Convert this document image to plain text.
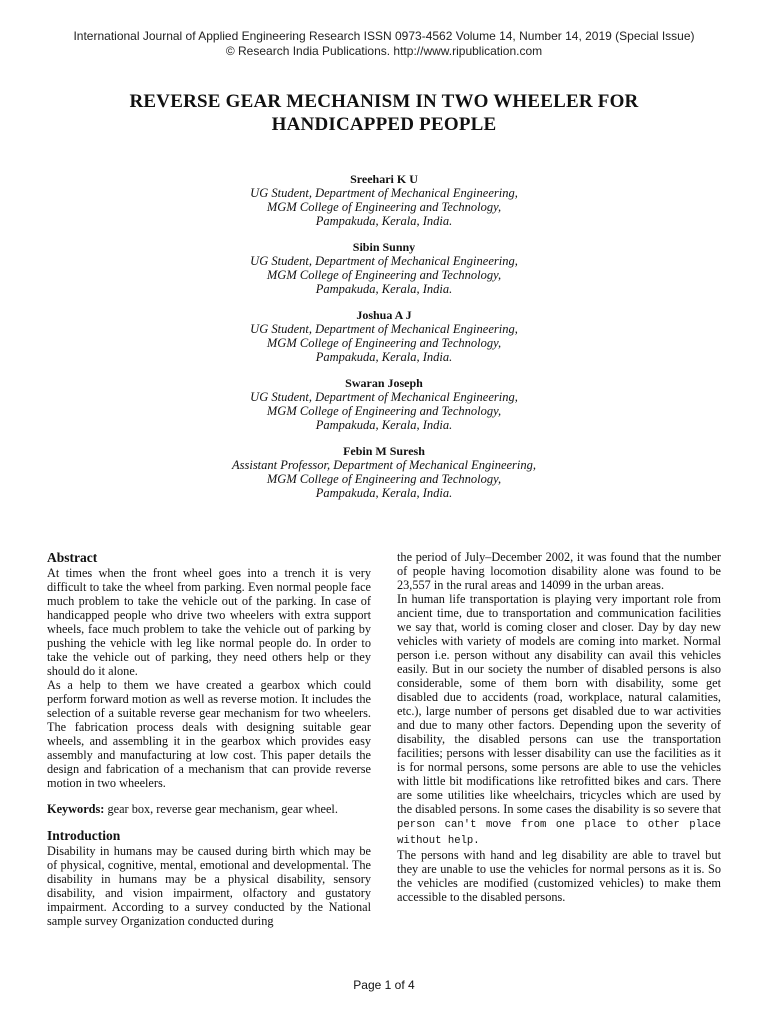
International Journal of Applied Engineering Research ISSN 0973-4562 Volume 14, Number 14, 2019 (Special Issue)
© Research India Publications. http://www.ripublication.com
REVERSE GEAR MECHANISM IN TWO WHEELER FOR
HANDICAPPED PEOPLE
Sreehari K U
UG Student, Department of Mechanical Engineering,
MGM College of Engineering and Technology,
Pampakuda, Kerala, India.
Sibin Sunny
UG Student, Department of Mechanical Engineering,
MGM College of Engineering and Technology,
Pampakuda, Kerala, India.
Joshua A J
UG Student, Department of Mechanical Engineering,
MGM College of Engineering and Technology,
Pampakuda, Kerala, India.
Swaran Joseph
UG Student, Department of Mechanical Engineering,
MGM College of Engineering and Technology,
Pampakuda, Kerala, India.
Febin M Suresh
Assistant Professor, Department of Mechanical Engineering,
MGM College of Engineering and Technology,
Pampakuda, Kerala, India.
Abstract

At times when the front wheel goes into a trench it is very difficult to take the wheel from parking. Even normal people face much problem to take the vehicle out of the parking. In case of handicapped people who drive two wheelers with extra support wheels, face much problem to take the vehicle out of parking by pushing the vehicle with leg like normal people do. In order to take the vehicle out of parking, they need others help or they should do it alone.

As a help to them we have created a gearbox which could perform forward motion as well as reverse motion. It includes the selection of a suitable reverse gear mechanism for two wheelers. The fabrication process deals with designing suitable gear wheels, and assembling it in the gearbox which provides easy assembly and manufacturing at low cost. This paper details the design and fabrication of a mechanism that can provide reverse motion in two wheelers.

Keywords: gear box, reverse gear mechanism, gear wheel.

Introduction

Disability in humans may be caused during birth which may be of physical, cognitive, mental, emotional and developmental. The disability in humans may be a physical disability, sensory disability, and vision impairment, olfactory and gustatory impairment. According to a survey conducted by the National sample survey Organization conducted during

the period of July–December 2002, it was found that the number of people having locomotion disability alone was found to be 23,557 in the rural areas and 14099 in the urban areas.

In human life transportation is playing very important role from ancient time, due to transportation and communication facilities we say that, world is coming closer and closer. Day by day new vehicles with variety of models are coming into market. Normal person i.e. person without any disability can avail this vehicles easily. But in our society the number of disabled persons is also considerable, some of them born with disability, some get disabled due to accidents (road, workplace, natural calamities, etc.), large number of persons get disabled due to war activities and due to many other factors. Depending upon the severity of disability, the disabled persons can use the transportation facilities; persons with lesser disability can use the facilities as it is for normal persons, some persons are able to use the vehicles with little bit modifications like retrofitted bikes and cars. There are some utilities like wheelchairs, tricycles which are used by the disabled persons. In some cases the disability is so severe that person can't move from one place to other place without help.

The persons with hand and leg disability are able to travel but they are unable to use the vehicles for normal persons as it is. So the vehicles are modified (customized vehicles) to make them accessible to the disabled persons.

Page 1 of 4
